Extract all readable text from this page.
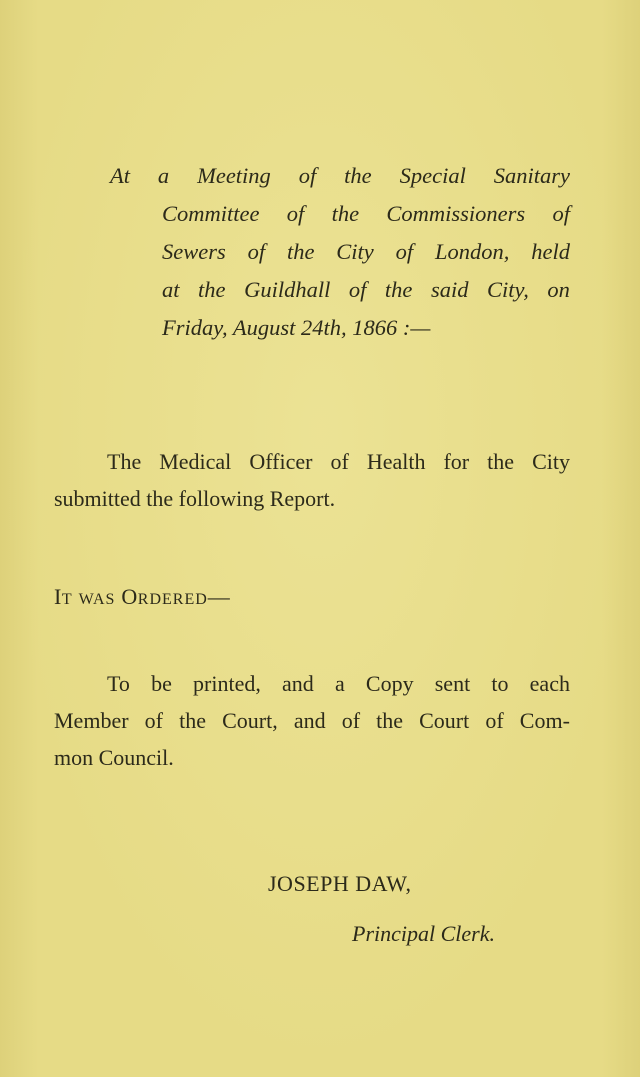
At a Meeting of the Special Sanitary
Committee of the Commissioners of
Sewers of the City of London, held
at the Guildhall of the said City, on
Friday, August 24th, 1866 :—
The Medical Officer of Health for the City
submitted the following Report.
IT WAS ORDERED—
To be printed, and a Copy sent to each
Member of the Court, and of the Court of Com-
mon Council.
JOSEPH DAW,
Principal Clerk.
